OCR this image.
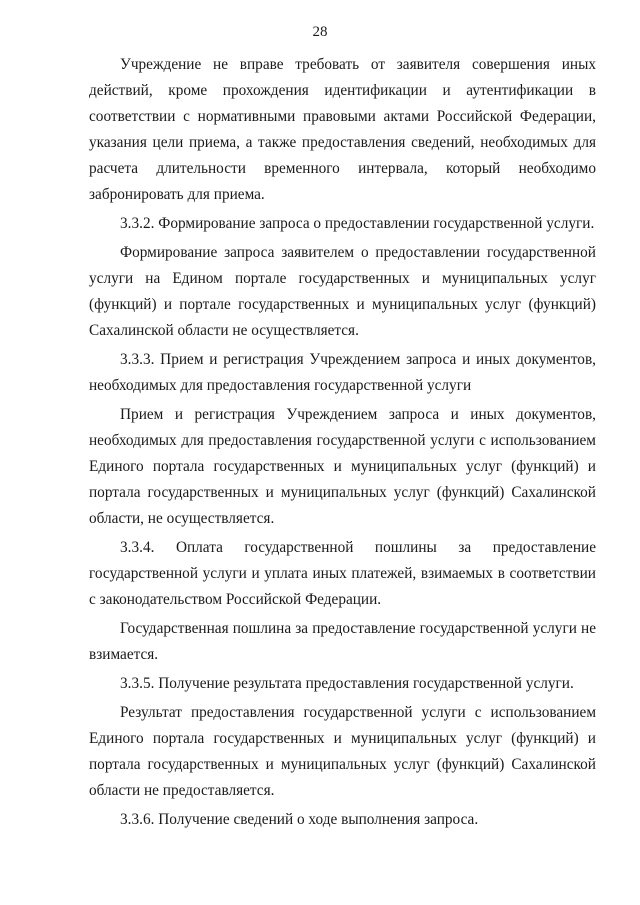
28

Учреждение не вправе требовать от заявителя совершения иных действий, кроме прохождения идентификации и аутентификации в соответствии с нормативными правовыми актами Российской Федерации, указания цели приема, а также предоставления сведений, необходимых для расчета длительности временного интервала, который необходимо забронировать для приема.

3.3.2. Формирование запроса о предоставлении государственной услуги.

Формирование запроса заявителем о предоставлении государственной услуги на Едином портале государственных и муниципальных услуг (функций) и портале государственных и муниципальных услуг (функций) Сахалинской области не осуществляется.

3.3.3. Прием и регистрация Учреждением запроса и иных документов, необходимых для предоставления государственной услуги

Прием и регистрация Учреждением запроса и иных документов, необходимых для предоставления государственной услуги с использованием Единого портала государственных и муниципальных услуг (функций) и портала государственных и муниципальных услуг (функций) Сахалинской области, не осуществляется.

3.3.4. Оплата государственной пошлины за предоставление государственной услуги и уплата иных платежей, взимаемых в соответствии с законодательством Российской Федерации.

Государственная пошлина за предоставление государственной услуги не взимается.

3.3.5. Получение результата предоставления государственной услуги.

Результат предоставления государственной услуги с использованием Единого портала государственных и муниципальных услуг (функций) и портала государственных и муниципальных услуг (функций) Сахалинской области не предоставляется.

3.3.6. Получение сведений о ходе выполнения запроса.
